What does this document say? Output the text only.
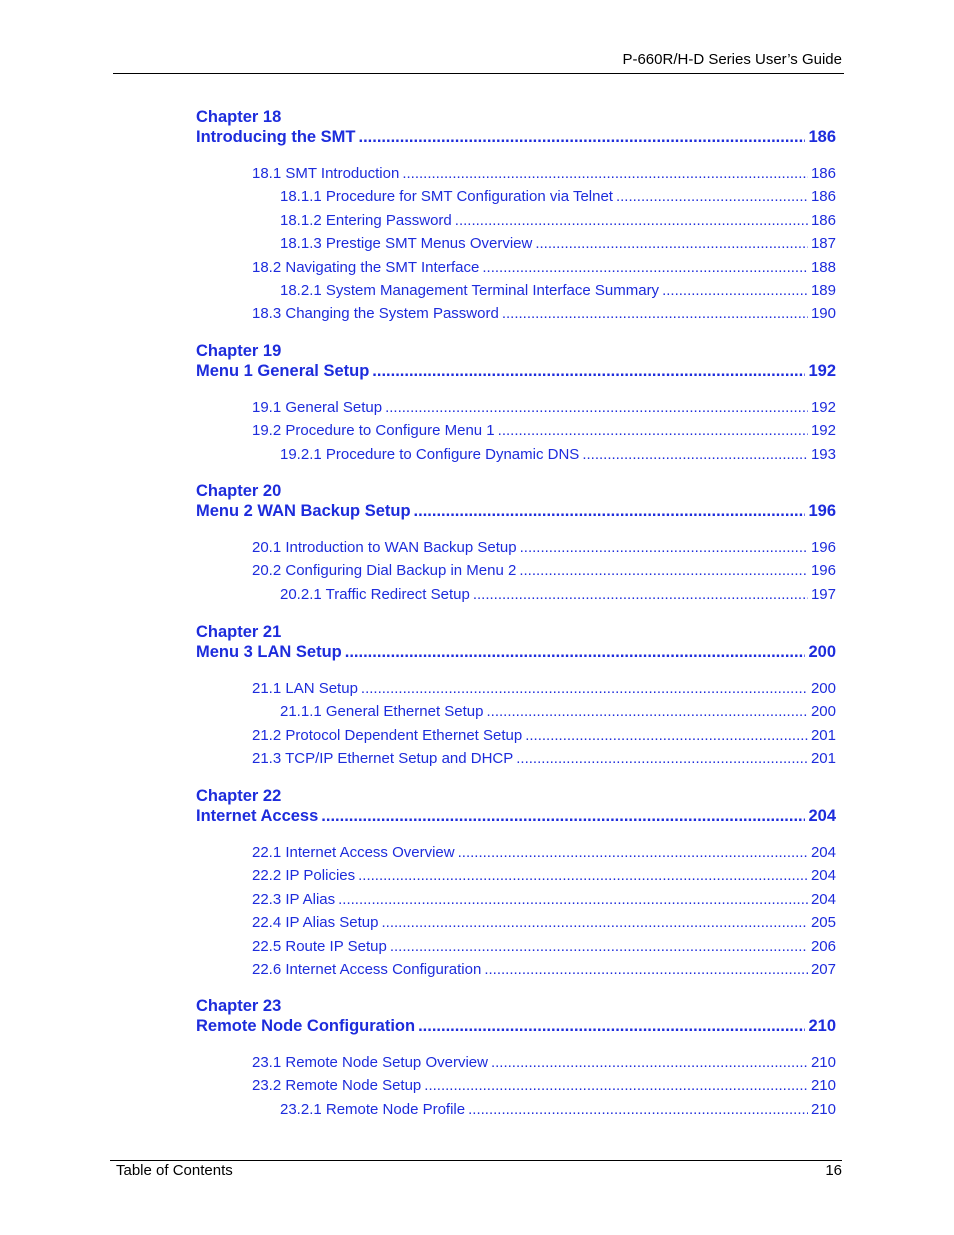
P-660R/H-D Series User’s Guide
Chapter 18
Introducing the SMT .....	186
18.1 SMT Introduction .....	186
18.1.1 Procedure for SMT Configuration via Telnet .....	186
18.1.2 Entering Password .....	186
18.1.3 Prestige SMT Menus Overview .....	187
18.2 Navigating the SMT Interface .....	188
18.2.1 System Management Terminal Interface Summary .....	189
18.3 Changing the System Password .....	190
Chapter 19
Menu 1 General Setup .....	192
19.1 General Setup .....	192
19.2 Procedure to Configure Menu 1 .....	192
19.2.1 Procedure to Configure Dynamic DNS .....	193
Chapter 20
Menu 2 WAN Backup Setup .....	196
20.1 Introduction to WAN Backup Setup .....	196
20.2 Configuring Dial Backup in Menu 2 .....	196
20.2.1 Traffic Redirect Setup .....	197
Chapter 21
Menu 3 LAN Setup .....	200
21.1 LAN Setup .....	200
21.1.1 General Ethernet Setup .....	200
21.2 Protocol Dependent Ethernet Setup .....	201
21.3 TCP/IP Ethernet Setup and DHCP .....	201
Chapter 22
Internet Access .....	204
22.1 Internet Access Overview .....	204
22.2 IP Policies .....	204
22.3 IP Alias .....	204
22.4 IP Alias Setup .....	205
22.5 Route IP Setup .....	206
22.6 Internet Access Configuration .....	207
Chapter 23
Remote Node Configuration .....	210
23.1 Remote Node Setup Overview .....	210
23.2 Remote Node Setup .....	210
23.2.1 Remote Node Profile .....	210
Table of Contents	16
